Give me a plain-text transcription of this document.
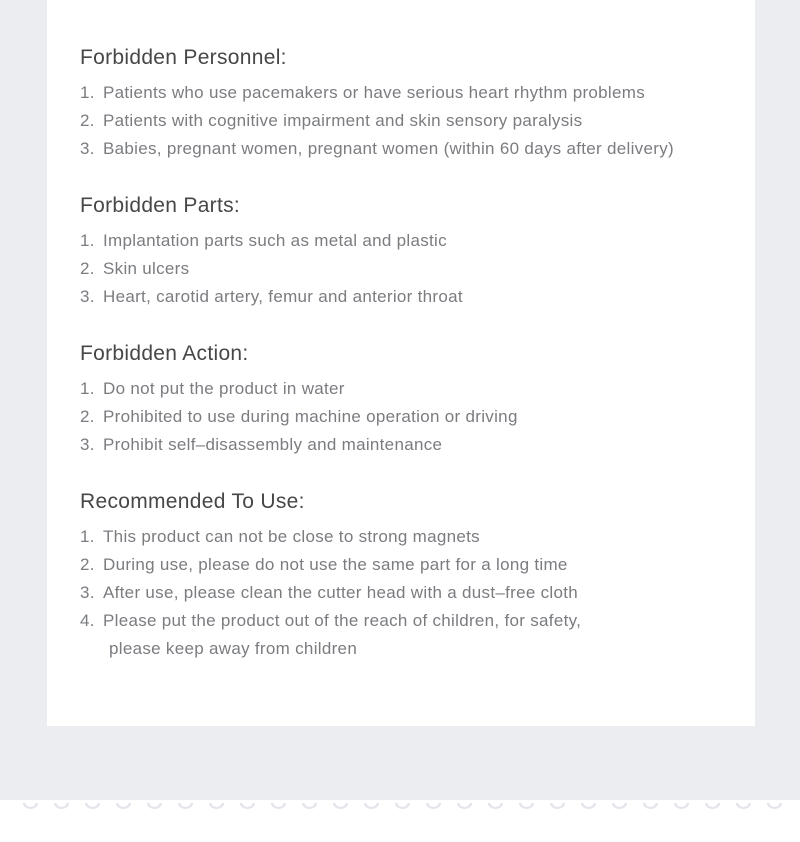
Forbidden Personnel:
1. Patients who use pacemakers or have serious heart rhythm problems
2. Patients with cognitive impairment and skin sensory paralysis
3. Babies, pregnant women, pregnant women (within 60 days after delivery)
Forbidden Parts:
1. Implantation parts such as metal and plastic
2. Skin ulcers
3. Heart, carotid artery, femur and anterior throat
Forbidden Action:
1. Do not put the product in water
2. Prohibited to use during machine operation or driving
3. Prohibit self–disassembly and maintenance
Recommended To Use:
1. This product can not be close to strong magnets
2. During use, please do not use the same part for a long time
3. After use, please clean the cutter head with a dust–free cloth
4. Please put the product out of the reach of children, for safety,
please keep away from children
